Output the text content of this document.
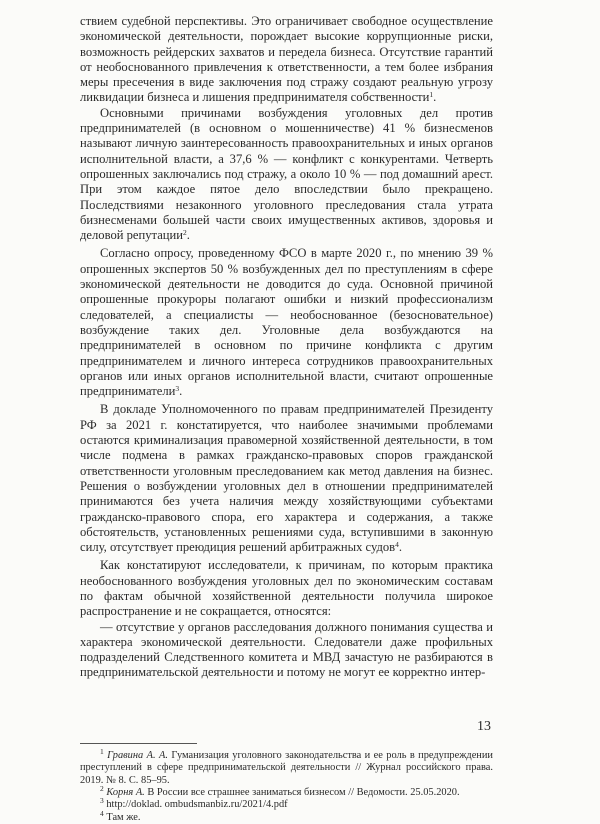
ствием судебной перспективы. Это ограничивает свободное осуществление экономической деятельности, порождает высокие коррупционные риски, возможность рейдерских захватов и передела бизнеса. Отсутствие гарантий от необоснованного привлечения к ответственности, а тем более избрания меры пресечения в виде заключения под стражу создают реальную угрозу ликвидации бизнеса и лишения предпринимателя собственности$^1$.

Основными причинами возбуждения уголовных дел против предпринимателей (в основном о мошенничестве) 41 % бизнесменов называют личную заинтересованность правоохранительных и иных органов исполнительной власти, а 37,6 % — конфликт с конкурентами. Четверть опрошенных заключались под стражу, а около 10 % — под домашний арест. При этом каждое пятое дело впоследствии было прекращено. Последствиями незаконного уголовного преследования стала утрата бизнесменами большей части своих имущественных активов, здоровья и деловой репутации$^2$.

Согласно опросу, проведенному ФСО в марте 2020 г., по мнению 39 % опрошенных экспертов 50 % возбужденных дел по преступлениям в сфере экономической деятельности не доводится до суда. Основной причиной опрошенные прокуроры полагают ошибки и низкий профессионализм следователей, а специалисты — необоснованное (безосновательное) возбуждение таких дел. Уголовные дела возбуждаются на предпринимателей в основном по причине конфликта с другим предпринимателем и личного интереса сотрудников правоохранительных органов или иных органов исполнительной власти, считают опрошенные предприниматели$^3$.

В докладе Уполномоченного по правам предпринимателей Президенту РФ за 2021 г. констатируется, что наиболее значимыми проблемами остаются криминализация правомерной хозяйственной деятельности, в том числе подмена в рамках гражданско-правовых споров гражданской ответственности уголовным преследованием как метод давления на бизнес. Решения о возбуждении уголовных дел в отношении предпринимателей принимаются без учета наличия между хозяйствующими субъектами гражданско-правового спора, его характера и содержания, а также обстоятельств, установленных решениями суда, вступившими в законную силу, отсутствует преюдиция решений арбитражных судов$^4$.

Как констатируют исследователи, к причинам, по которым практика необоснованного возбуждения уголовных дел по экономическим составам по фактам обычной хозяйственной деятельности получила широкое распространение и не сокращается, относятся:

— отсутствие у органов расследования должного понимания существа и характера экономической деятельности. Следователи даже профильных подразделений Следственного комитета и МВД зачастую не разбираются в предпринимательской деятельности и потому не могут ее корректно интер-

$^1$ Гравина А. А. Гуманизация уголовного законодательства и ее роль в предупреждении преступлений в сфере предпринимательской деятельности // Журнал российского права. 2019. № 8. С. 85–95.

$^2$ Корня А. В России все страшнее заниматься бизнесом // Ведомости. 25.05.2020.

$^3$ http://doklad. ombudsmanbiz.ru/2021/4.pdf

$^4$ Там же.

13
